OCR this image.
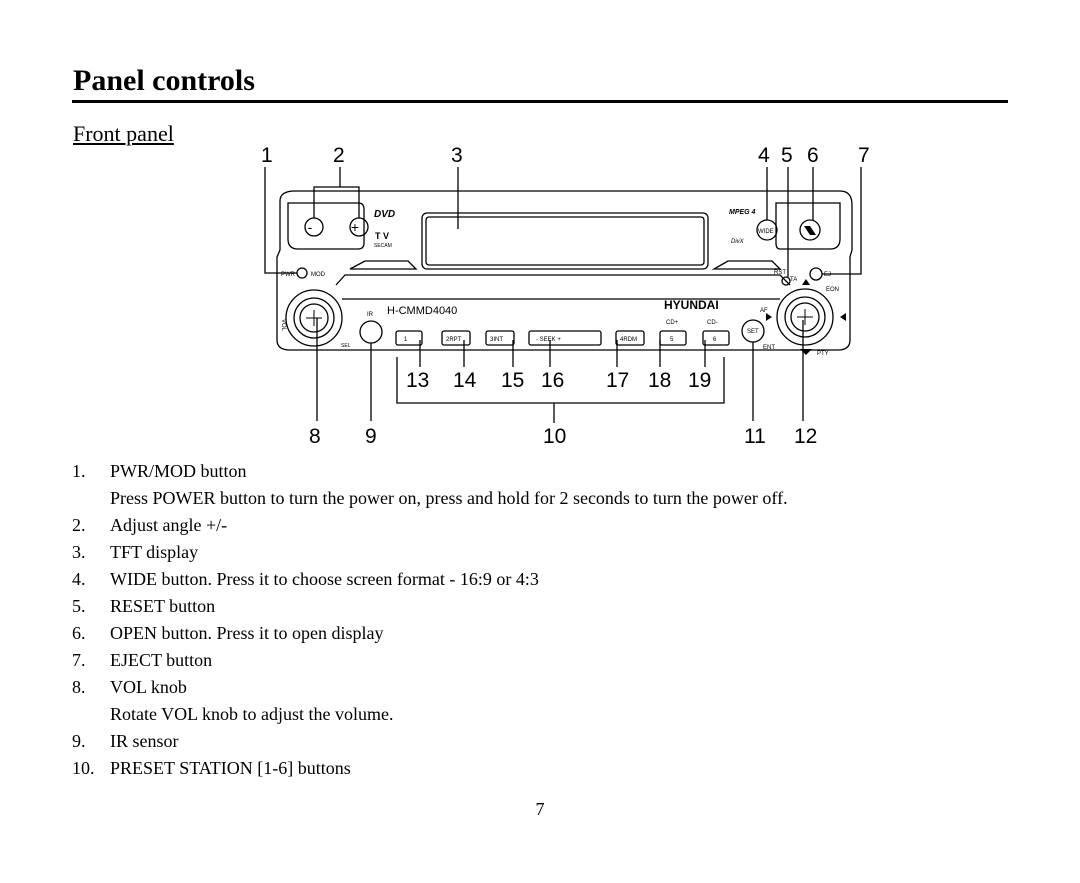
Panel controls
Front panel
1	2	3	4 5 6 7
8 9	10	11 12
13 14 15 16 17 18 19
-	+
DVD
T V
SECAM
MPEG 4
WIDE
DivX
PWR	MOD	RST
TA
EJ
EON
H-CMMD4040	HYUNDAI
CD+	CD-
AF
IR
VOL
SEL
SET
ENT
PTY
1	2RPT	3INT	- SEEK +	4RDM	5	6
1.	PWR/MOD button
Press POWER button to turn the power on, press and hold for 2 seconds to turn the power off.
2.	Adjust angle +/-
3.	TFT display
4.	WIDE button. Press it to choose screen format - 16:9 or 4:3
5.	RESET button
6.	OPEN button. Press it to open display
7.	EJECT button
8.	VOL knob
Rotate VOL knob to adjust the volume.
9.	IR sensor
10. PRESET STATION [1-6] buttons
7
